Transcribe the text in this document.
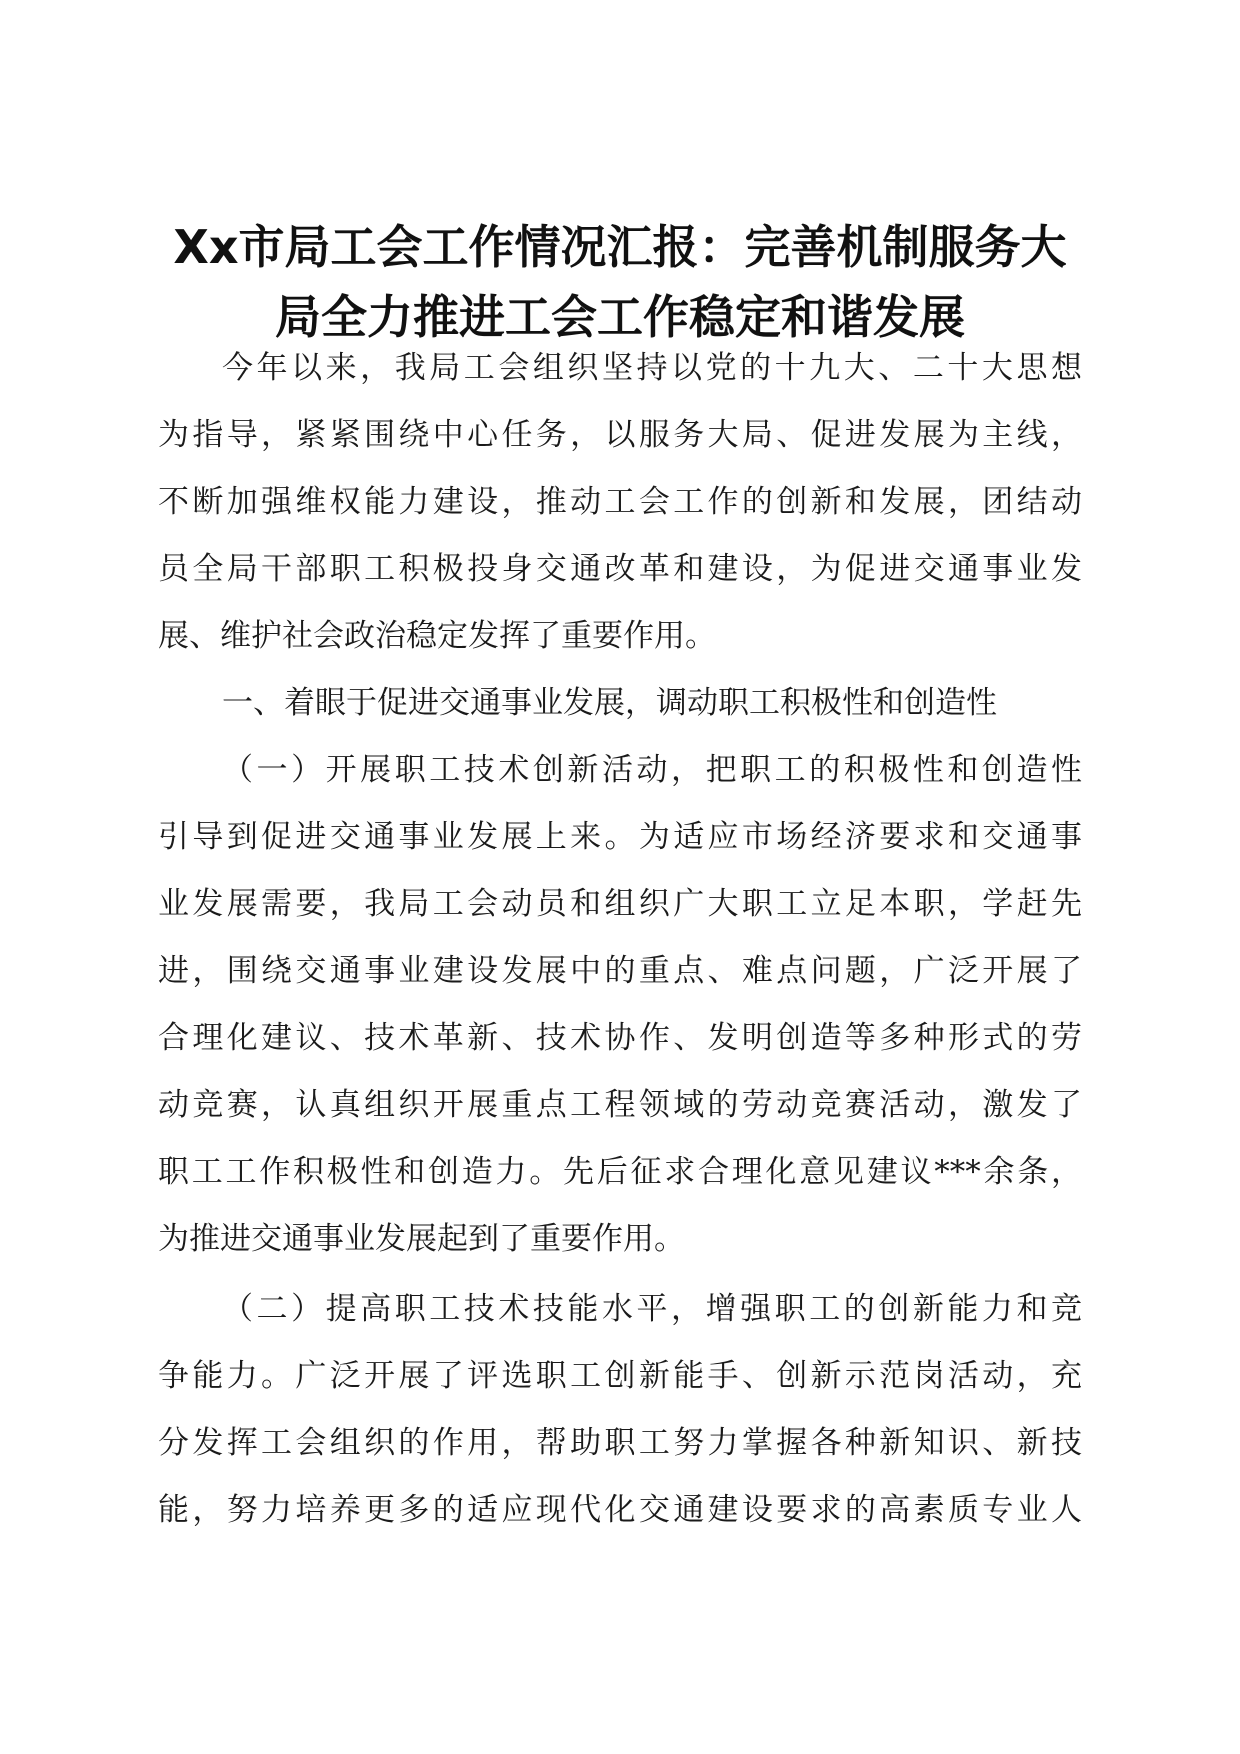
Xx市局工会工作情况汇报：完善机制服务大
局全力推进工会工作稳定和谐发展
今年以来，我局工会组织坚持以党的十九大、二十大思想
为指导，紧紧围绕中心任务，以服务大局、促进发展为主线，
不断加强维权能力建设，推动工会工作的创新和发展，团结动
员全局干部职工积极投身交通改革和建设，为促进交通事业发
展、维护社会政治稳定发挥了重要作用。
一、着眼于促进交通事业发展，调动职工积极性和创造性
（一）开展职工技术创新活动，把职工的积极性和创造性
引导到促进交通事业发展上来。为适应市场经济要求和交通事
业发展需要，我局工会动员和组织广大职工立足本职，学赶先
进，围绕交通事业建设发展中的重点、难点问题，广泛开展了
合理化建议、技术革新、技术协作、发明创造等多种形式的劳
动竞赛，认真组织开展重点工程领域的劳动竞赛活动，激发了
职工工作积极性和创造力。先后征求合理化意见建议***余条，
为推进交通事业发展起到了重要作用。
（二）提高职工技术技能水平，增强职工的创新能力和竞
争能力。广泛开展了评选职工创新能手、创新示范岗活动，充
分发挥工会组织的作用，帮助职工努力掌握各种新知识、新技
能，努力培养更多的适应现代化交通建设要求的高素质专业人
